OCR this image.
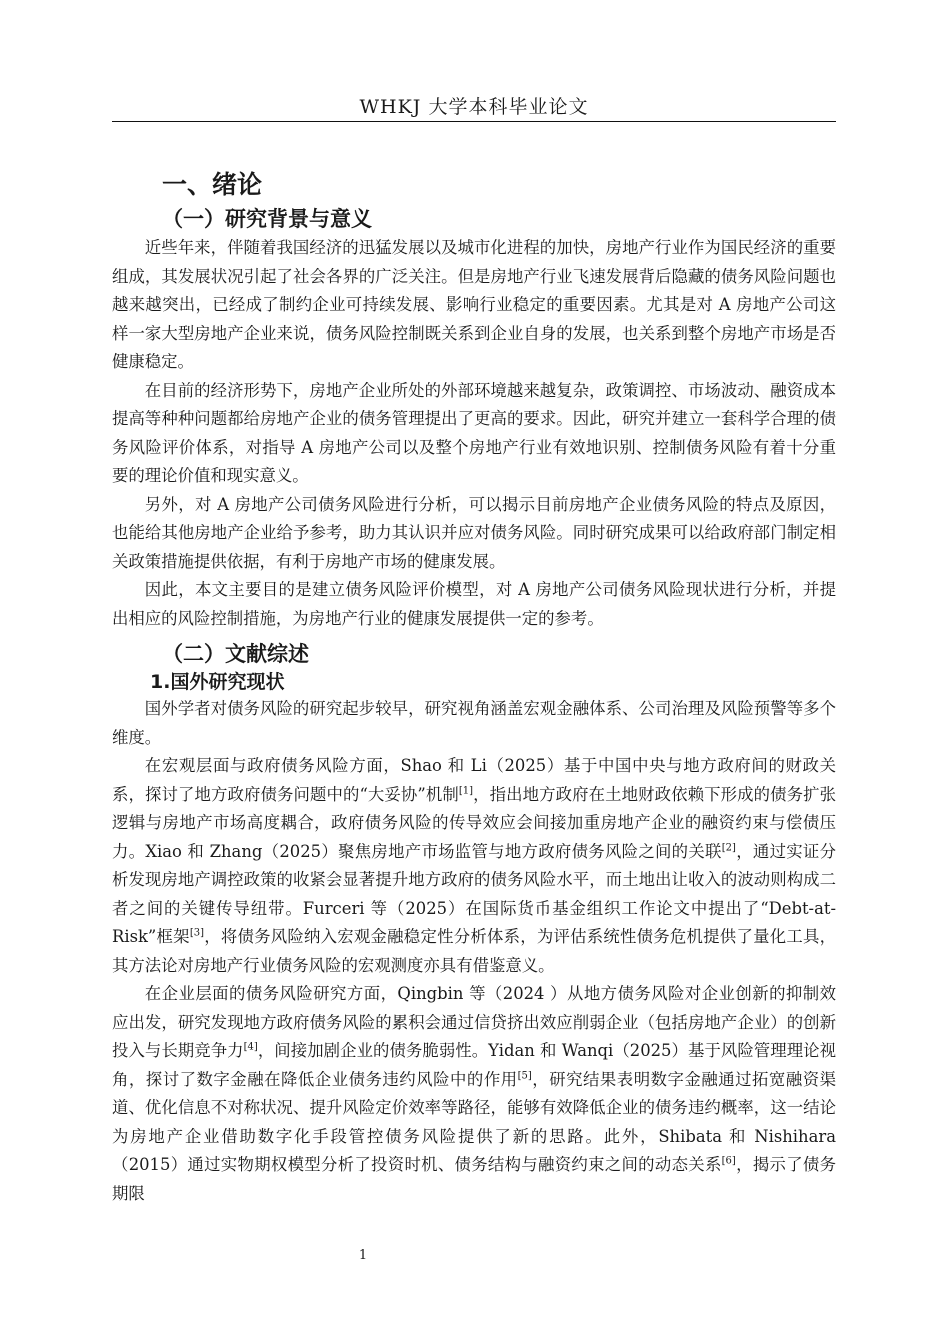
WHKJ 大学本科毕业论文
一、绪论
（一）研究背景与意义

近些年来，伴随着我国经济的迅猛发展以及城市化进程的加快，房地产行业作为国民经济的重要组成，其发展状况引起了社会各界的广泛关注。但是房地产行业飞速发展背后隐藏的债务风险问题也越来越突出，已经成了制约企业可持续发展、影响行业稳定的重要因素。尤其是对 A 房地产公司这样一家大型房地产企业来说，债务风险控制既关系到企业自身的发展，也关系到整个房地产市场是否健康稳定。

在目前的经济形势下，房地产企业所处的外部环境越来越复杂，政策调控、市场波动、融资成本提高等种种问题都给房地产企业的债务管理提出了更高的要求。因此，研究并建立一套科学合理的债务风险评价体系，对指导 A 房地产公司以及整个房地产行业有效地识别、控制债务风险有着十分重要的理论价值和现实意义。

另外，对 A 房地产公司债务风险进行分析，可以揭示目前房地产企业债务风险的特点及原因，也能给其他房地产企业给予参考，助力其认识并应对债务风险。同时研究成果可以给政府部门制定相关政策措施提供依据，有利于房地产市场的健康发展。

因此，本文主要目的是建立债务风险评价模型，对 A 房地产公司债务风险现状进行分析，并提出相应的风险控制措施，为房地产行业的健康发展提供一定的参考。

（二）文献综述
1.国外研究现状

国外学者对债务风险的研究起步较早，研究视角涵盖宏观金融体系、公司治理及风险预警等多个维度。

在宏观层面与政府债务风险方面，Shao 和 Li（2025）基于中国中央与地方政府间的财政关系，探讨了地方政府债务问题中的“大妥协”机制[1]，指出地方政府在土地财政依赖下形成的债务扩张逻辑与房地产市场高度耦合，政府债务风险的传导效应会间接加重房地产企业的融资约束与偿债压力。Xiao 和 Zhang（2025）聚焦房地产市场监管与地方政府债务风险之间的关联[2]，通过实证分析发现房地产调控政策的收紧会显著提升地方政府的债务风险水平，而土地出让收入的波动则构成二者之间的关键传导纽带。Furceri 等（2025）在国际货币基金组织工作论文中提出了“Debt-at-Risk”框架[3]，将债务风险纳入宏观金融稳定性分析体系，为评估系统性债务危机提供了量化工具，其方法论对房地产行业债务风险的宏观测度亦具有借鉴意义。

在企业层面的债务风险研究方面，Qingbin 等（2024 ）从地方债务风险对企业创新的抑制效应出发，研究发现地方政府债务风险的累积会通过信贷挤出效应削弱企业（包括房地产企业）的创新投入与长期竞争力[4]，间接加剧企业的债务脆弱性。Yidan 和 Wanqi（2025）基于风险管理理论视角，探讨了数字金融在降低企业债务违约风险中的作用[5]，研究结果表明数字金融通过拓宽融资渠道、优化信息不对称状况、提升风险定价效率等路径，能够有效降低企业的债务违约概率，这一结论为房地产企业借助数字化手段管控债务风险提供了新的思路。此外，Shibata 和 Nishihara（2015）通过实物期权模型分析了投资时机、债务结构与融资约束之间的动态关系[6]，揭示了债务期限

1
